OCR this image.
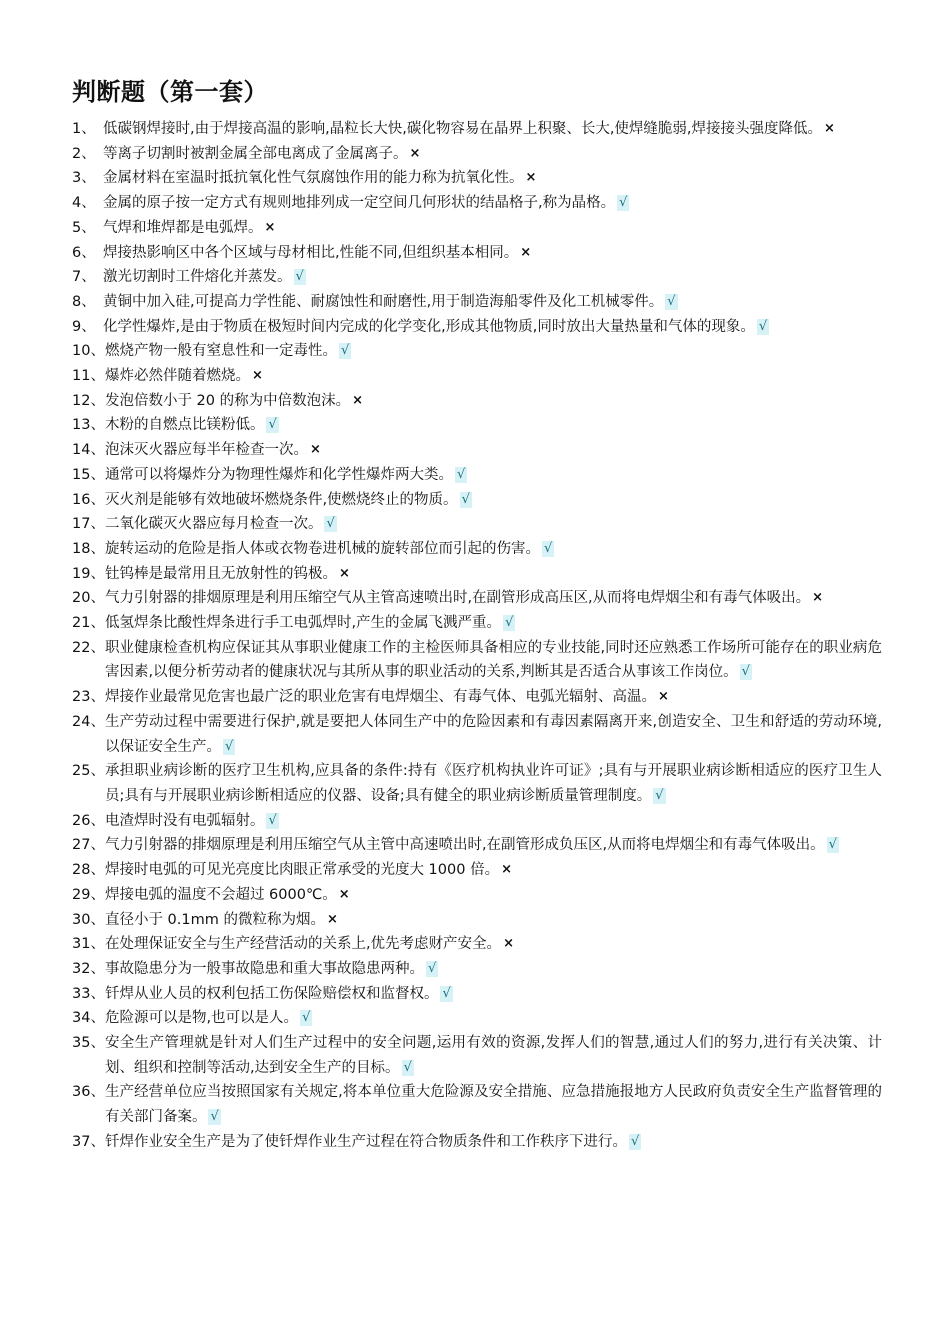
判断题（第一套）
1、 低碳钢焊接时,由于焊接高温的影响,晶粒长大快,碳化物容易在晶界上积聚、长大,使焊缝脆弱,焊接接头强度降低。 ×
2、 等离子切割时被割金属全部电离成了金属离子。 ×
3、 金属材料在室温时抵抗氧化性气氛腐蚀作用的能力称为抗氧化性。 ×
4、 金属的原子按一定方式有规则地排列成一定空间几何形状的结晶格子,称为晶格。 √
5、 气焊和堆焊都是电弧焊。 ×
6、 焊接热影响区中各个区域与母材相比,性能不同,但组织基本相同。 ×
7、 激光切割时工件熔化并蒸发。 √
8、 黄铜中加入硅,可提高力学性能、耐腐蚀性和耐磨性,用于制造海船零件及化工机械零件。 √
9、 化学性爆炸,是由于物质在极短时间内完成的化学变化,形成其他物质,同时放出大量热量和气体的现象。 √
10、 燃烧产物一般有窒息性和一定毒性。 √
11、 爆炸必然伴随着燃烧。 ×
12、 发泡倍数小于 20 的称为中倍数泡沫。 ×
13、 木粉的自燃点比镁粉低。 √
14、 泡沫灭火器应每半年检查一次。 ×
15、 通常可以将爆炸分为物理性爆炸和化学性爆炸两大类。 √
16、 灭火剂是能够有效地破坏燃烧条件,使燃烧终止的物质。 √
17、 二氧化碳灭火器应每月检查一次。 √
18、 旋转运动的危险是指人体或衣物卷进机械的旋转部位而引起的伤害。 √
19、 钍钨棒是最常用且无放射性的钨极。 ×
20、 气力引射器的排烟原理是利用压缩空气从主管高速喷出时,在副管形成高压区,从而将电焊烟尘和有毒气体吸出。 ×
21、 低氢焊条比酸性焊条进行手工电弧焊时,产生的金属飞溅严重。 √
22、 职业健康检查机构应保证其从事职业健康工作的主检医师具备相应的专业技能,同时还应熟悉工作场所可能存在的职业病危害因素,以便分析劳动者的健康状况与其所从事的职业活动的关系,判断其是否适合从事该工作岗位。 √
23、 焊接作业最常见危害也最广泛的职业危害有电焊烟尘、有毒气体、电弧光辐射、高温。 ×
24、 生产劳动过程中需要进行保护,就是要把人体同生产中的危险因素和有毒因素隔离开来,创造安全、卫生和舒适的劳动环境,以保证安全生产。 √
25、 承担职业病诊断的医疗卫生机构,应具备的条件:持有《医疗机构执业许可证》;具有与开展职业病诊断相适应的医疗卫生人员;具有与开展职业病诊断相适应的仪器、设备;具有健全的职业病诊断质量管理制度。 √
26、 电渣焊时没有电弧辐射。 √
27、 气力引射器的排烟原理是利用压缩空气从主管中高速喷出时,在副管形成负压区,从而将电焊烟尘和有毒气体吸出。 √
28、 焊接时电弧的可见光亮度比肉眼正常承受的光度大 1000 倍。 ×
29、 焊接电弧的温度不会超过 6000℃。 ×
30、 直径小于 0.1mm 的微粒称为烟。 ×
31、 在处理保证安全与生产经营活动的关系上,优先考虑财产安全。 ×
32、 事故隐患分为一般事故隐患和重大事故隐患两种。 √
33、 钎焊从业人员的权利包括工伤保险赔偿权和监督权。 √
34、 危险源可以是物,也可以是人。 √
35、 安全生产管理就是针对人们生产过程中的安全问题,运用有效的资源,发挥人们的智慧,通过人们的努力,进行有关决策、计划、组织和控制等活动,达到安全生产的目标。 √
36、 生产经营单位应当按照国家有关规定,将本单位重大危险源及安全措施、应急措施报地方人民政府负责安全生产监督管理的有关部门备案。 √
37、 钎焊作业安全生产是为了使钎焊作业生产过程在符合物质条件和工作秩序下进行。 √
